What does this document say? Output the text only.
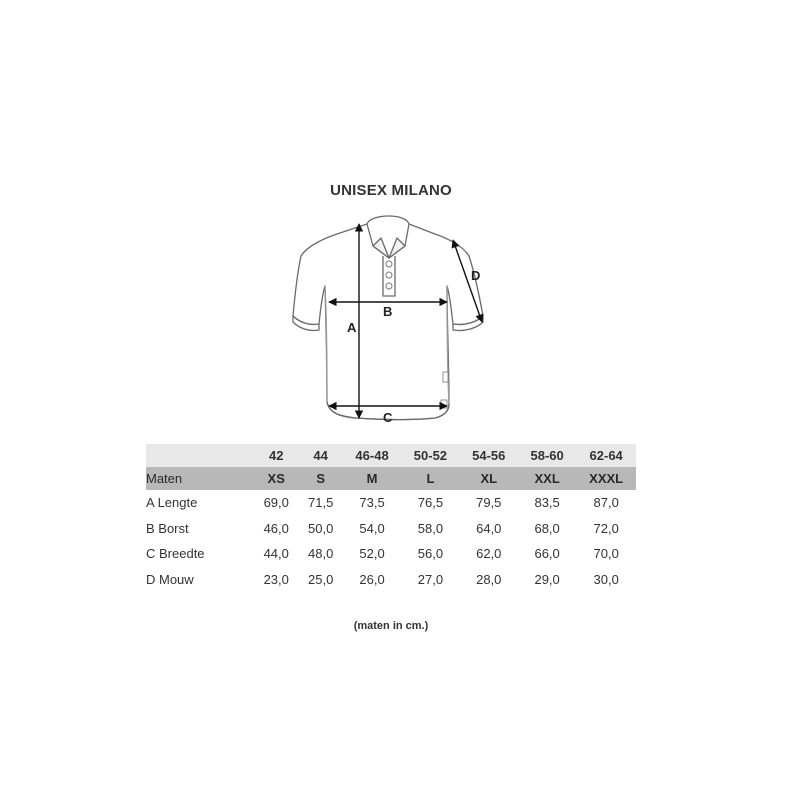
UNISEX MILANO
A
B
C
D
	42	44	46-48	50-52	54-56	58-60	62-64
Maten	XS	S	M	L	XL	XXL	XXXL
A Lengte	69,0	71,5	73,5	76,5	79,5	83,5	87,0
B Borst	46,0	50,0	54,0	58,0	64,0	68,0	72,0
C Breedte	44,0	48,0	52,0	56,0	62,0	66,0	70,0
D Mouw	23,0	25,0	26,0	27,0	28,0	29,0	30,0
(maten in cm.)
